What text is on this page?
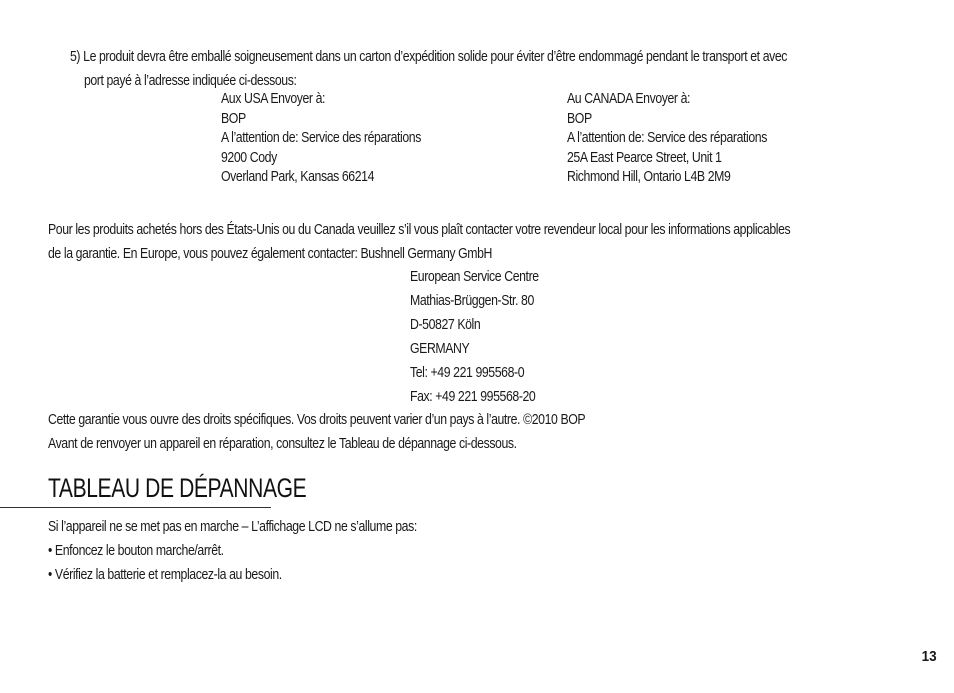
5) Le produit devra être emballé soigneusement dans un carton d’expédition solide pour éviter d’être endommagé pendant le transport et avec
port payé à l’adresse indiquée ci-dessous:
Aux USA Envoyer à:
BOP
A l’attention de: Service des réparations
9200 Cody
Overland Park, Kansas 66214
Au CANADA Envoyer à:
BOP
A l’attention de: Service des réparations
25A East Pearce Street, Unit 1
Richmond Hill, Ontario L4B 2M9
Pour les produits achetés hors des États-Unis ou du Canada veuillez s’il vous plaît contacter votre revendeur local pour les informations applicables
de la garantie. En Europe, vous pouvez également contacter: Bushnell Germany GmbH
European Service Centre
Mathias-Brüggen-Str. 80
D-50827 Köln
GERMANY
Tel: +49 221 995568-0
Fax: +49 221 995568-20
Cette garantie vous ouvre des droits spécifiques. Vos droits peuvent varier d’un pays à l’autre. ©2010 BOP
Avant de renvoyer un appareil en réparation, consultez le Tableau de dépannage ci-dessous.
TABLEAU DE DÉPANNAGE
Si l’appareil ne se met pas en marche – L’affichage LCD ne s’allume pas:
• Enfoncez le bouton marche/arrêt.
• Vérifiez la batterie et remplacez-la au besoin.
13
